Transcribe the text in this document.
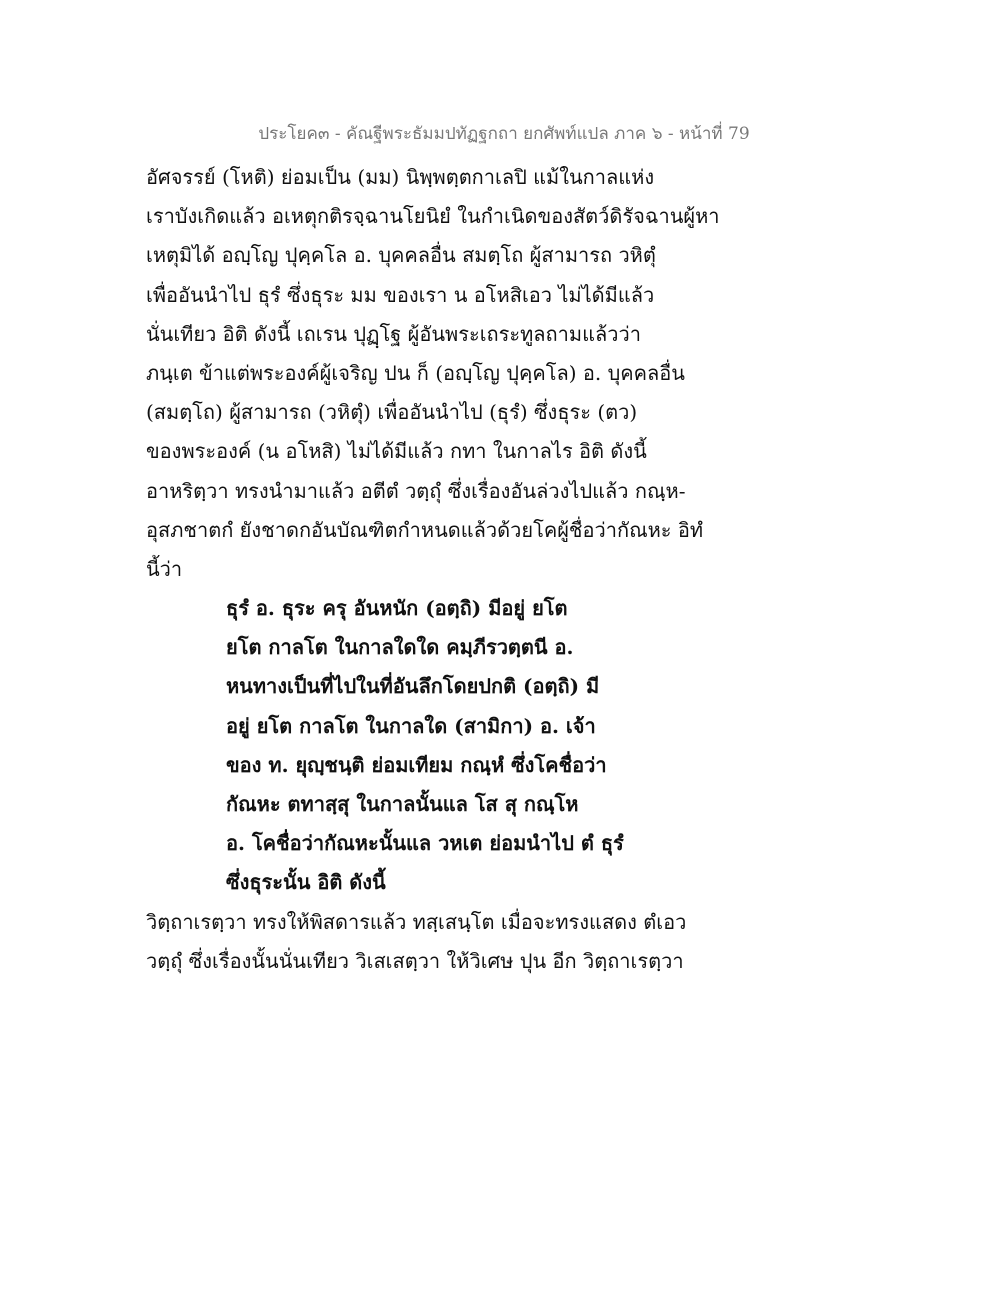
ประโยค๓ - คัณฐีพระธัมมปทัฏฐกถา ยกศัพท์แปล ภาค ๖ - หน้าที่ 79
อัศจรรย์ (โหติ) ย่อมเป็น (มม) นิพฺพตฺตกาเลปิ แม้ในกาลแห่ง
เราบังเกิดแล้ว อเหตุกติรจฺฉานโยนิยํ ในกำเนิดของสัตว์ดิรัจฉานผู้หา
เหตุมิได้ อญฺโญ ปุคฺคโล อ. บุคคลอื่น สมตฺโถ ผู้สามารถ วหิตุํ
เพื่ออันนำไป ธุรํ ซึ่งธุระ มม ของเรา น อโหสิเอว ไม่ได้มีแล้ว
นั่นเทียว อิติ ดังนี้ เถเรน ปุฏฺโฐ ผู้อันพระเถระทูลถามแล้วว่า
ภนฺเต ข้าแต่พระองค์ผู้เจริญ ปน ก็ (อญฺโญ ปุคฺคโล) อ. บุคคลอื่น
(สมตฺโถ) ผู้สามารถ (วหิตุํ) เพื่ออันนำไป (ธุรํ) ซึ่งธุระ (ตว)
ของพระองค์ (น อโหสิ) ไม่ได้มีแล้ว กทา ในกาลไร อิติ ดังนี้
อาหริตฺวา ทรงนำมาแล้ว อตีตํ วตฺถุํ ซึ่งเรื่องอันล่วงไปแล้ว กณฺห-
อุสภชาตกํ ยังชาดกอันบัณฑิตกำหนดแล้วด้วยโคผู้ชื่อว่ากัณหะ อิทํ
นี้ว่า
ธุรํ อ. ธุระ ครุ อันหนัก (อตฺถิ) มีอยู่ ยโต
ยโต กาลโต ในกาลใดใด คมฺภีรวตฺตนี อ.
หนทางเป็นที่ไปในที่อันลึกโดยปกติ (อตฺถิ) มี
อยู่ ยโต กาลโต ในกาลใด (สามิกา) อ. เจ้า
ของ ท. ยุญฺชนฺติ ย่อมเทียม กณฺหํ ซึ่งโคชื่อว่า
กัณหะ ตทาสฺสุ ในกาลนั้นแล โส สุ กณฺโห
อ. โคชื่อว่ากัณหะนั้นแล วหเต ย่อมนำไป ตํ ธุรํ
ซึ่งธุระนั้น อิติ ดังนี้
วิตฺถาเรตฺวา ทรงให้พิสดารแล้ว ทสฺเสนฺโต เมื่อจะทรงแสดง ตํเอว
วตฺถุํ ซึ่งเรื่องนั้นนั่นเทียว วิเสเสตฺวา ให้วิเศษ ปุน อีก วิตฺถาเรตฺวา
